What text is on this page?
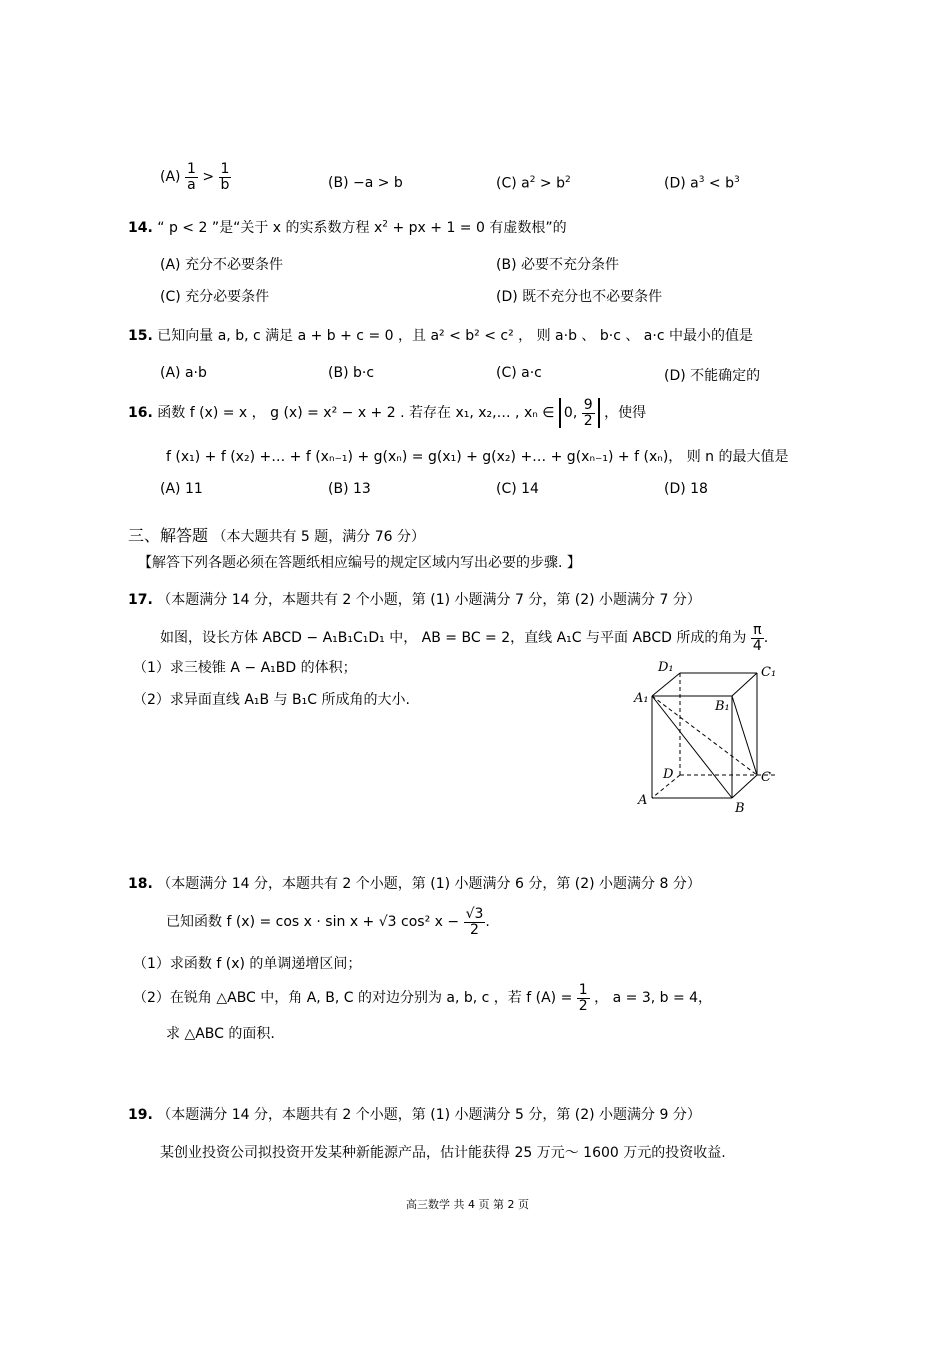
$(A) \frac{1}{a} > \frac{1}{b}$	(B) −a > b	(C) $a^2 > b^2$	(D) $a^3 < b^3$
14. “ p < 2 ”是“关于 x 的实系数方程 $x^2$ + px + 1 = 0 有虚数根”的
(A) 充分不必要条件	(B) 必要不充分条件
(C) 充分必要条件	(D) 既不充分也不必要条件
15. 已知向量 a, b, c 满足 a + b + c = 0 ，且 a² < b² < c² ， 则 a·b 、 b·c 、 a·c 中最小的值是
(A) a·b	(B) b·c	(C) a·c	(D) 不能确定的
16. 函数 f (x) = x ， g (x) = x² − x + 2 . 若存在 x₁, x₂,… , xₙ ∈ 0, $\frac{9}{2}$ ，使得
f (x₁) + f (x₂) +… + f (xₙ₋₁) + g(xₙ) = g(x₁) + g(x₂) +… + g(xₙ₋₁) + f (xₙ)， 则 n 的最大值是
(A) 11	(B) 13	(C) 14	(D) 18
三、解答题 （本大题共有 5 题，满分 76 分）
【解答下列各题必须在答题纸相应编号的规定区域内写出必要的步骤. 】
17. （本题满分 14 分，本题共有 2 个小题，第 (1) 小题满分 7 分，第 (2) 小题满分 7 分）
如图，设长方体 ABCD − A₁B₁C₁D₁ 中， AB = BC = 2，直线 A₁C 与平面 ABCD 所成的角为 $\frac{\pi}{4}$ .
（1）求三棱锥 A − A₁BD 的体积；
（2）求异面直线 A₁B 与 B₁C 所成角的大小.
D₁	C₁
A₁
B₁
D	C
A
B
18. （本题满分 14 分，本题共有 2 个小题，第 (1) 小题满分 6 分，第 (2) 小题满分 8 分）
已知函数 f (x) = cos x · sin x + √3 cos² $x - \frac{√3}{2}$ .
（1）求函数 f (x) 的单调递增区间；
（2）在锐角 △ABC 中，角 A, B, C 的对边分别为 a, b, c ，若 f $(A) = \frac{1}{2}$ ， a = 3, b = 4，
求 △ABC 的面积.
19. （本题满分 14 分，本题共有 2 个小题，第 (1) 小题满分 5 分，第 (2) 小题满分 9 分）
某创业投资公司拟投资开发某种新能源产品，估计能获得 25 万元～ 1600 万元的投资收益.
高三数学 共 4 页 第 2 页
